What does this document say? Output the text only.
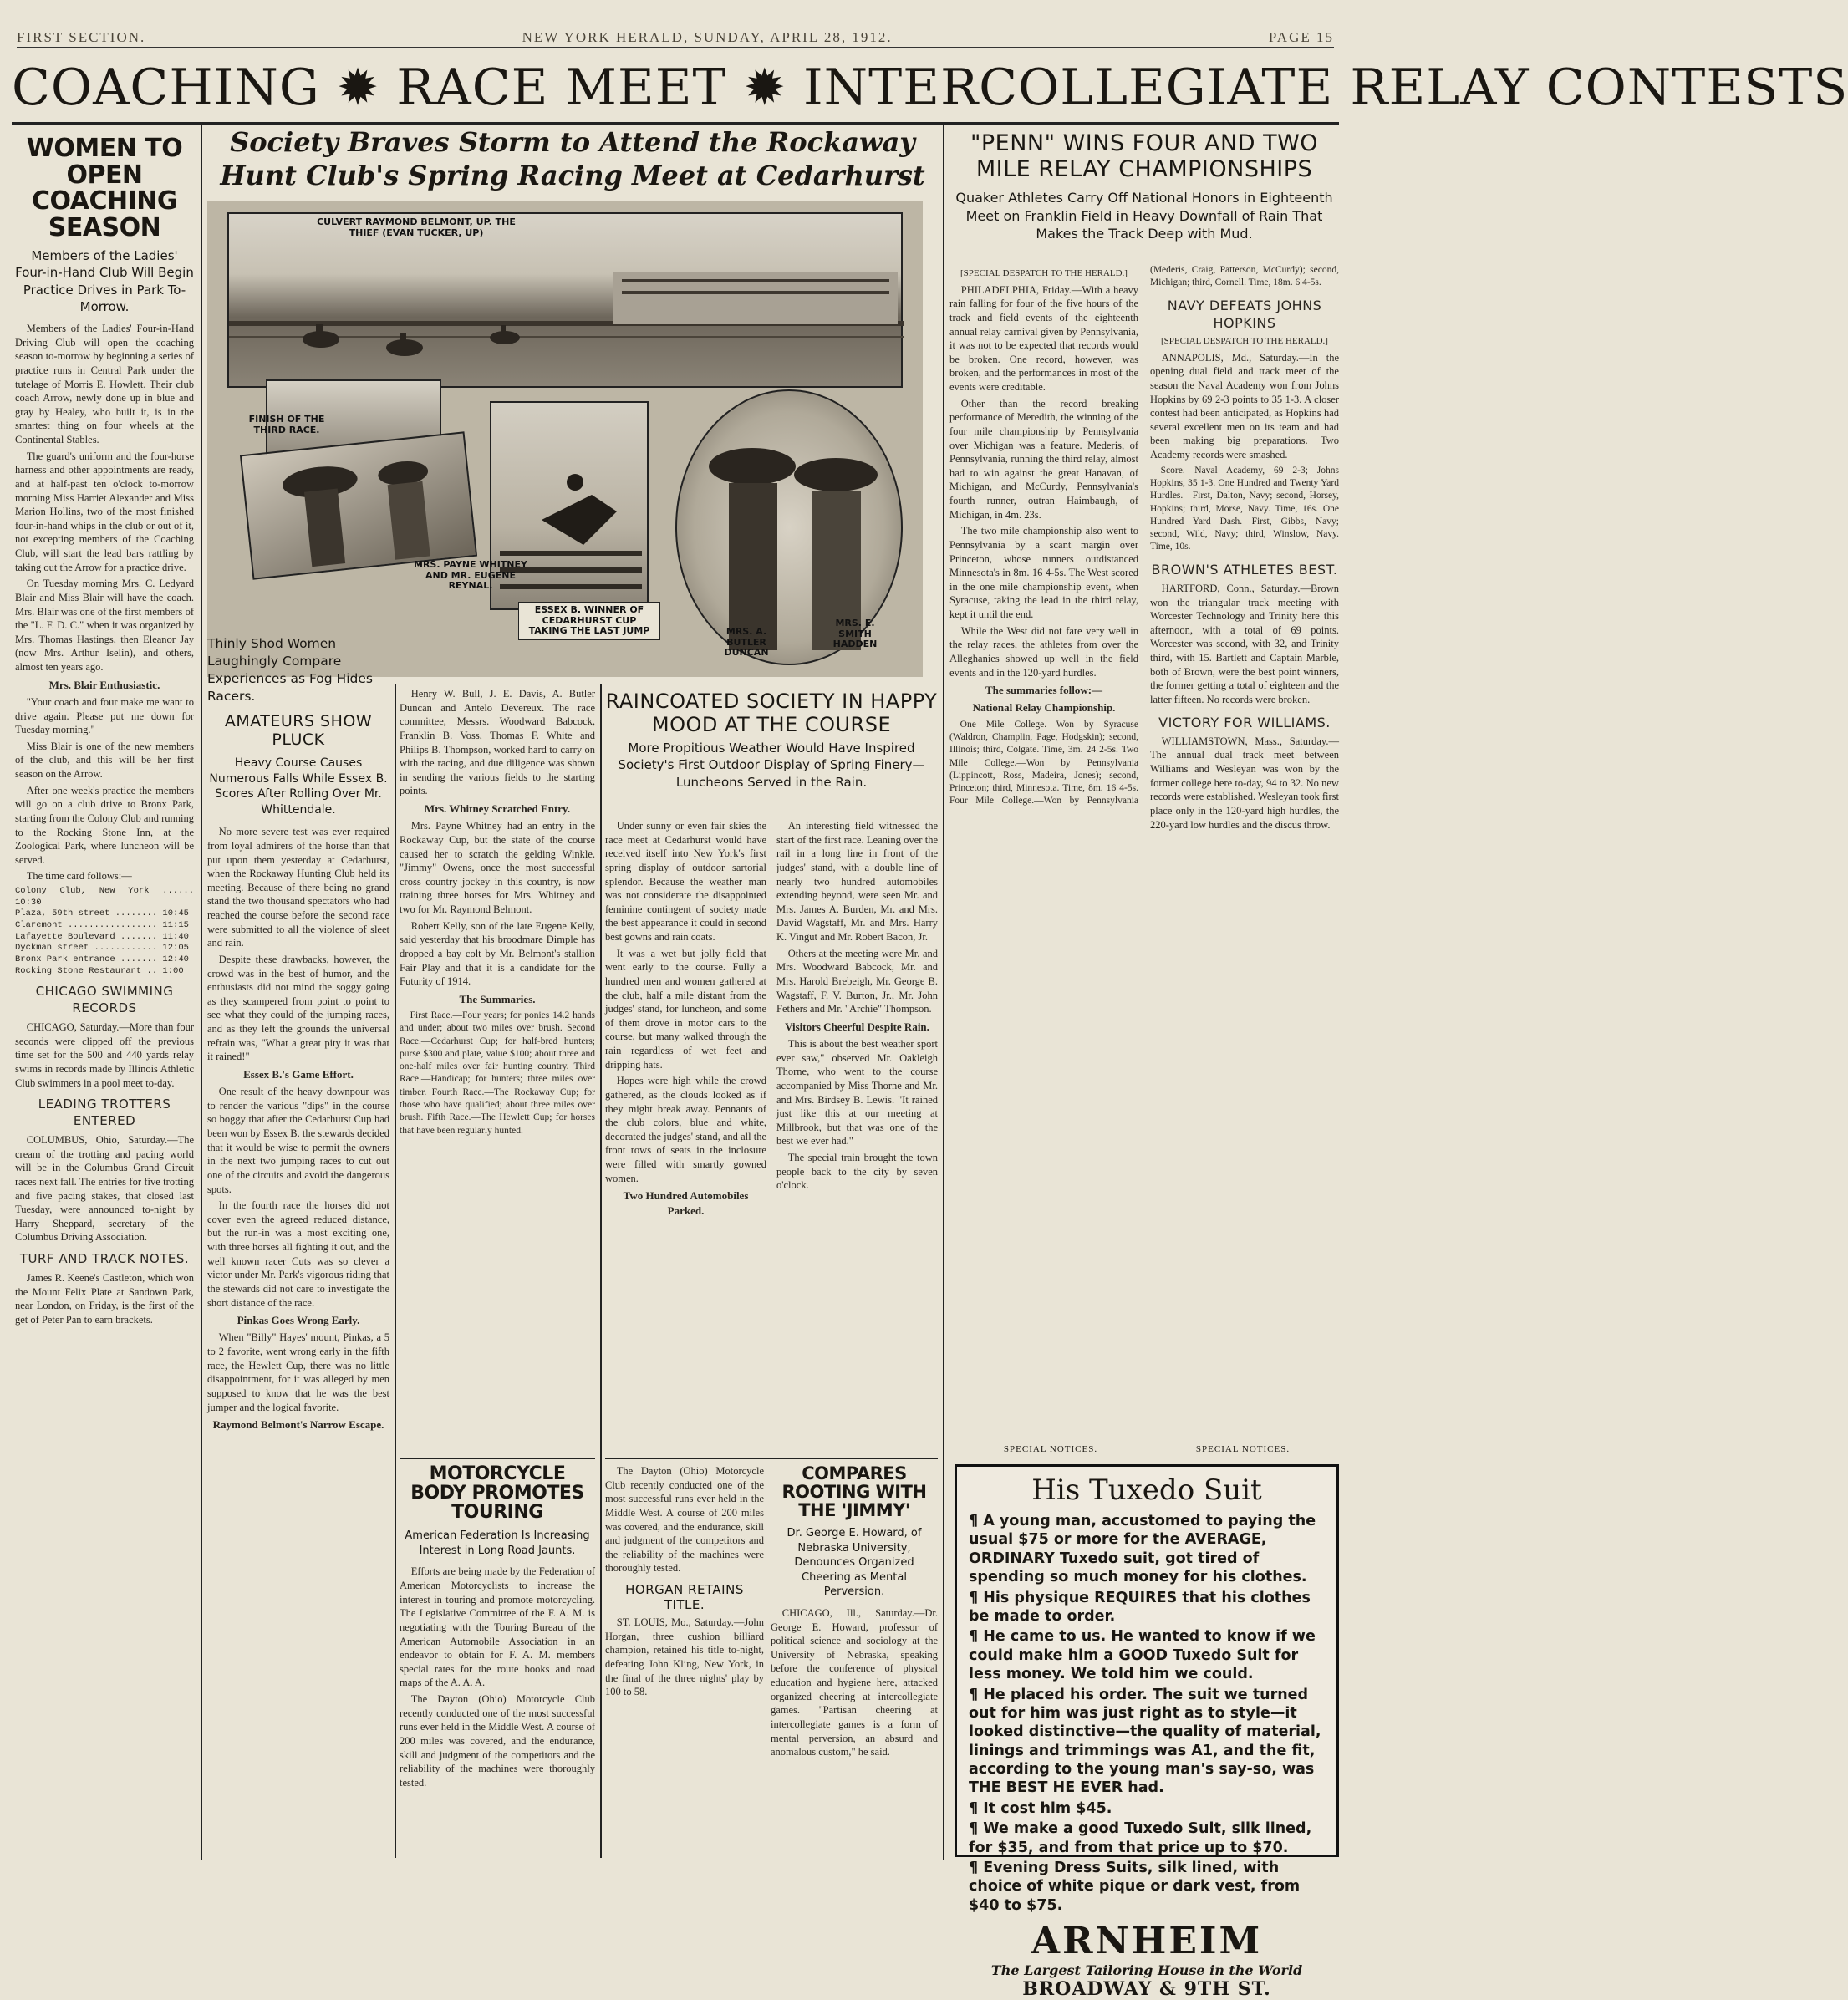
FIRST SECTION.	NEW YORK HERALD, SUNDAY, APRIL 28, 1912.	PAGE 15
COACHING ✹ RACE MEET ✹ INTERCOLLEGIATE RELAY CONTESTS
WOMEN TO OPEN COACHING SEASON
Members of the Ladies' Four-in-Hand Club Will Begin Practice Drives in Park To-Morrow.

Members of the Ladies' Four-in-Hand Driving Club will open the coaching season to-morrow by beginning a series of practice runs in Central Park under the tutelage of Morris E. Howlett. Their club coach Arrow, newly done up in blue and gray by Healey, who built it, is in the smartest thing on four wheels at the Continental Stables.

The guard's uniform and the four-horse harness and other appointments are ready, and at half-past ten o'clock to-morrow morning Miss Harriet Alexander and Miss Marion Hollins, two of the most finished four-in-hand whips in the club or out of it, not excepting members of the Coaching Club, will start the lead bars rattling by taking out the Arrow for a practice drive.

On Tuesday morning Mrs. C. Ledyard Blair and Miss Blair will have the coach. Mrs. Blair was one of the first members of the "L. F. D. C." when it was organized by Mrs. Thomas Hastings, then Eleanor Jay (now Mrs. Arthur Iselin), and others, almost ten years ago.

Mrs. Blair Enthusiastic.

"Your coach and four make me want to drive again. Please put me down for Tuesday morning."

Miss Blair is one of the new members of the club, and this will be her first season on the Arrow.

After one week's practice the members will go on a club drive to Bronx Park, starting from the Colony Club and running to the Rocking Stone Inn, at the Zoological Park, where luncheon will be served.

The time card follows:—

Colony Club, New York ...... 10:30
Plaza, 59th street ........ 10:45
Claremont ................. 11:15
Lafayette Boulevard ....... 11:40
Dyckman street ............ 12:05
Bronx Park entrance ....... 12:40
Rocking Stone Restaurant .. 1:00
CHICAGO SWIMMING RECORDS

CHICAGO, Saturday.—More than four seconds were clipped off the previous time set for the 500 and 440 yards relay swims in records made by Illinois Athletic Club swimmers in a pool meet to-day.

LEADING TROTTERS ENTERED

COLUMBUS, Ohio, Saturday.—The cream of the trotting and pacing world will be in the Columbus Grand Circuit races next fall. The entries for five trotting and five pacing stakes, that closed last Tuesday, were announced to-night by Harry Sheppard, secretary of the Columbus Driving Association.

TURF AND TRACK NOTES.

James R. Keene's Castleton, which won the Mount Felix Plate at Sandown Park, near London, on Friday, is the first of the get of Peter Pan to earn brackets.

Society Braves Storm to Attend the Rockaway Hunt Club's Spring Racing Meet at Cedarhurst
CULVERT RAYMOND BELMONT, UP. THE THIEF (EVAN TUCKER, UP)
FINISH OF THE THIRD RACE.
MRS. PAYNE WHITNEY AND MR. EUGENE REYNAL.
ESSEX B. WINNER OF CEDARHURST CUP TAKING THE LAST JUMP	MRS. A. BUTLER DUNCAN
MRS. E. SMITH HADDEN
Thinly Shod Women Laughingly Compare Experiences as Fog Hides Racers.
AMATEURS SHOW PLUCK
Heavy Course Causes Numerous Falls While Essex B. Scores After Rolling Over Mr. Whittendale.

No more severe test was ever required from loyal admirers of the horse than that put upon them yesterday at Cedarhurst, when the Rockaway Hunting Club held its meeting. Because of there being no grand stand the two thousand spectators who had reached the course before the second race were submitted to all the violence of sleet and rain.

Despite these drawbacks, however, the crowd was in the best of humor, and the enthusiasts did not mind the soggy going as they scampered from point to point to see what they could of the jumping races, and as they left the grounds the universal refrain was, "What a great pity it was that it rained!"

Essex B.'s Game Effort.

One result of the heavy downpour was to render the various "dips" in the course so boggy that after the Cedarhurst Cup had been won by Essex B. the stewards decided that it would be wise to permit the owners in the next two jumping races to cut out one of the circuits and avoid the dangerous spots.

In the fourth race the horses did not cover even the agreed reduced distance, but the run-in was a most exciting one, with three horses all fighting it out, and the well known racer Cuts was so clever a victor under Mr. Park's vigorous riding that the stewards did not care to investigate the short distance of the race.

Pinkas Goes Wrong Early.

When "Billy" Hayes' mount, Pinkas, a 5 to 2 favorite, went wrong early in the fifth race, the Hewlett Cup, there was no little disappointment, for it was alleged by men supposed to know that he was the best jumper and the logical favorite.

Raymond Belmont's Narrow Escape.

Henry W. Bull, J. E. Davis, A. Butler Duncan and Antelo Devereux. The race committee, Messrs. Woodward Babcock, Franklin B. Voss, Thomas F. White and Philips B. Thompson, worked hard to carry on with the racing, and due diligence was shown in sending the various fields to the starting points.

Mrs. Whitney Scratched Entry.

Mrs. Payne Whitney had an entry in the Rockaway Cup, but the state of the course caused her to scratch the gelding Winkle. "Jimmy" Owens, once the most successful cross country jockey in this country, is now training three horses for Mrs. Whitney and two for Mr. Raymond Belmont.

Robert Kelly, son of the late Eugene Kelly, said yesterday that his broodmare Dimple has dropped a bay colt by Mr. Belmont's stallion Fair Play and that it is a candidate for the Futurity of 1914.

The Summaries.

First Race.—Four years; for ponies 14.2 hands and under; about two miles over brush. Second Race.—Cedarhurst Cup; for half-bred hunters; purse $300 and plate, value $100; about three and one-half miles over fair hunting country. Third Race.—Handicap; for hunters; three miles over timber. Fourth Race.—The Rockaway Cup; for those who have qualified; about three miles over brush. Fifth Race.—The Hewlett Cup; for horses that have been regularly hunted.

RAINCOATED SOCIETY IN HAPPY MOOD AT THE COURSE
More Propitious Weather Would Have Inspired Society's First Outdoor Display of Spring Finery—Luncheons Served in the Rain.

Under sunny or even fair skies the race meet at Cedarhurst would have received itself into New York's first spring display of outdoor sartorial splendor. Because the weather man was not considerate the disappointed feminine contingent of society made the best appearance it could in second best gowns and rain coats.

It was a wet but jolly field that went early to the course. Fully a hundred men and women gathered at the club, half a mile distant from the judges' stand, for luncheon, and some of them drove in motor cars to the course, but many walked through the rain regardless of wet feet and dripping hats.

Hopes were high while the crowd gathered, as the clouds looked as if they might break away. Pennants of the club colors, blue and white, decorated the judges' stand, and all the front rows of seats in the inclosure were filled with smartly gowned women.

Two Hundred Automobiles Parked.

An interesting field witnessed the start of the first race. Leaning over the rail in a long line in front of the judges' stand, with a double line of nearly two hundred automobiles extending beyond, were seen Mr. and Mrs. James A. Burden, Mr. and Mrs. David Wagstaff, Mr. and Mrs. Harry K. Vingut and Mr. Robert Bacon, Jr.

Others at the meeting were Mr. and Mrs. Woodward Babcock, Mr. and Mrs. Harold Brebeigh, Mr. George B. Wagstaff, F. V. Burton, Jr., Mr. John Fethers and Mr. "Archie" Thompson.

Visitors Cheerful Despite Rain.

This is about the best weather sport ever saw," observed Mr. Oakleigh Thorne, who went to the course accompanied by Miss Thorne and Mr. and Mrs. Birdsey B. Lewis. "It rained just like this at our meeting at Millbrook, but that was one of the best we ever had."

The special train brought the town people back to the city by seven o'clock.

MOTORCYCLE BODY PROMOTES TOURING
American Federation Is Increasing Interest in Long Road Jaunts.

Efforts are being made by the Federation of American Motorcyclists to increase the interest in touring and promote motorcycling. The Legislative Committee of the F. A. M. is negotiating with the Touring Bureau of the American Automobile Association in an endeavor to obtain for F. A. M. members special rates for the route books and road maps of the A. A. A.

The Dayton (Ohio) Motorcycle Club recently conducted one of the most successful runs ever held in the Middle West. A course of 200 miles was covered, and the endurance, skill and judgment of the competitors and the reliability of the machines were thoroughly tested.

The Dayton (Ohio) Motorcycle Club recently conducted one of the most successful runs ever held in the Middle West. A course of 200 miles was covered, and the endurance, skill and judgment of the competitors and the reliability of the machines were thoroughly tested.

HORGAN RETAINS TITLE.

ST. LOUIS, Mo., Saturday.—John Horgan, three cushion billiard champion, retained his title to-night, defeating John Kling, New York, in the final of the three nights' play by 100 to 58.

COMPARES ROOTING WITH THE 'JIMMY'
Dr. George E. Howard, of Nebraska University, Denounces Organized Cheering as Mental Perversion.

CHICAGO, Ill., Saturday.—Dr. George E. Howard, professor of political science and sociology at the University of Nebraska, speaking before the conference of physical education and hygiene here, attacked organized cheering at intercollegiate games. "Partisan cheering at intercollegiate games is a form of mental perversion, an absurd and anomalous custom," he said.

"PENN" WINS FOUR AND TWO MILE RELAY CHAMPIONSHIPS
Quaker Athletes Carry Off National Honors in Eighteenth Meet on Franklin Field in Heavy Downfall of Rain That Makes the Track Deep with Mud.
[SPECIAL DESPATCH TO THE HERALD.]

PHILADELPHIA, Friday.—With a heavy rain falling for four of the five hours of the track and field events of the eighteenth annual relay carnival given by Pennsylvania, it was not to be expected that records would be broken. One record, however, was broken, and the performances in most of the events were creditable.

Other than the record breaking performance of Meredith, the winning of the four mile championship by Pennsylvania over Michigan was a feature. Mederis, of Pennsylvania, running the third relay, almost had to win against the great Hanavan, of Michigan, and McCurdy, Pennsylvania's fourth runner, outran Haimbaugh, of Michigan, in 4m. 23s.

The two mile championship also went to Pennsylvania by a scant margin over Princeton, whose runners outdistanced Minnesota's in 8m. 16 4-5s. The West scored in the one mile championship event, when Syracuse, taking the lead in the third relay, kept it until the end.

While the West did not fare very well in the relay races, the athletes from over the Alleghanies showed up well in the field events and in the 120-yard hurdles.

The summaries follow:—
National Relay Championship.

One Mile College.—Won by Syracuse (Waldron, Champlin, Page, Hodgskin); second, Illinois; third, Colgate. Time, 3m. 24 2-5s. Two Mile College.—Won by Pennsylvania (Lippincott, Ross, Madeira, Jones); second, Princeton; third, Minnesota. Time, 8m. 16 4-5s. Four Mile College.—Won by Pennsylvania (Mederis, Craig, Patterson, McCurdy); second, Michigan; third, Cornell. Time, 18m. 6 4-5s.

NAVY DEFEATS JOHNS HOPKINS
[SPECIAL DESPATCH TO THE HERALD.]

ANNAPOLIS, Md., Saturday.—In the opening dual field and track meet of the season the Naval Academy won from Johns Hopkins by 69 2-3 points to 35 1-3. A closer contest had been anticipated, as Hopkins had several excellent men on its team and had been making big preparations. Two Academy records were smashed.

Score.—Naval Academy, 69 2-3; Johns Hopkins, 35 1-3. One Hundred and Twenty Yard Hurdles.—First, Dalton, Navy; second, Horsey, Hopkins; third, Morse, Navy. Time, 16s. One Hundred Yard Dash.—First, Gibbs, Navy; second, Wild, Navy; third, Winslow, Navy. Time, 10s.

BROWN'S ATHLETES BEST.

HARTFORD, Conn., Saturday.—Brown won the triangular track meeting with Worcester Technology and Trinity here this afternoon, with a total of 69 points. Worcester was second, with 32, and Trinity third, with 15. Bartlett and Captain Marble, both of Brown, were the best point winners, the former getting a total of eighteen and the latter fifteen. No records were broken.

VICTORY FOR WILLIAMS.

WILLIAMSTOWN, Mass., Saturday.—The annual dual track meet between Williams and Wesleyan was won by the former college here to-day, 94 to 32. No new records were established. Wesleyan took first place only in the 120-yard high hurdles, the 220-yard low hurdles and the discus throw.

SPECIAL NOTICES.	SPECIAL NOTICES.
His Tuxedo Suit
¶ A young man, accustomed to paying the usual $75 or more for the AVERAGE, ORDINARY Tuxedo suit, got tired of spending so much money for his clothes.
¶ His physique REQUIRES that his clothes be made to order.
¶ He came to us. He wanted to know if we could make him a GOOD Tuxedo Suit for less money. We told him we could.
¶ He placed his order. The suit we turned out for him was just right as to style—it looked distinctive—the quality of material, linings and trimmings was A1, and the fit, according to the young man's say-so, was THE BEST HE EVER had.
¶ It cost him $45.
¶ We make a good Tuxedo Suit, silk lined, for $35, and from that price up to $70.
¶ Evening Dress Suits, silk lined, with choice of white pique or dark vest, from $40 to $75.
ARNHEIM
The Largest Tailoring House in the World
BROADWAY & 9TH ST.
